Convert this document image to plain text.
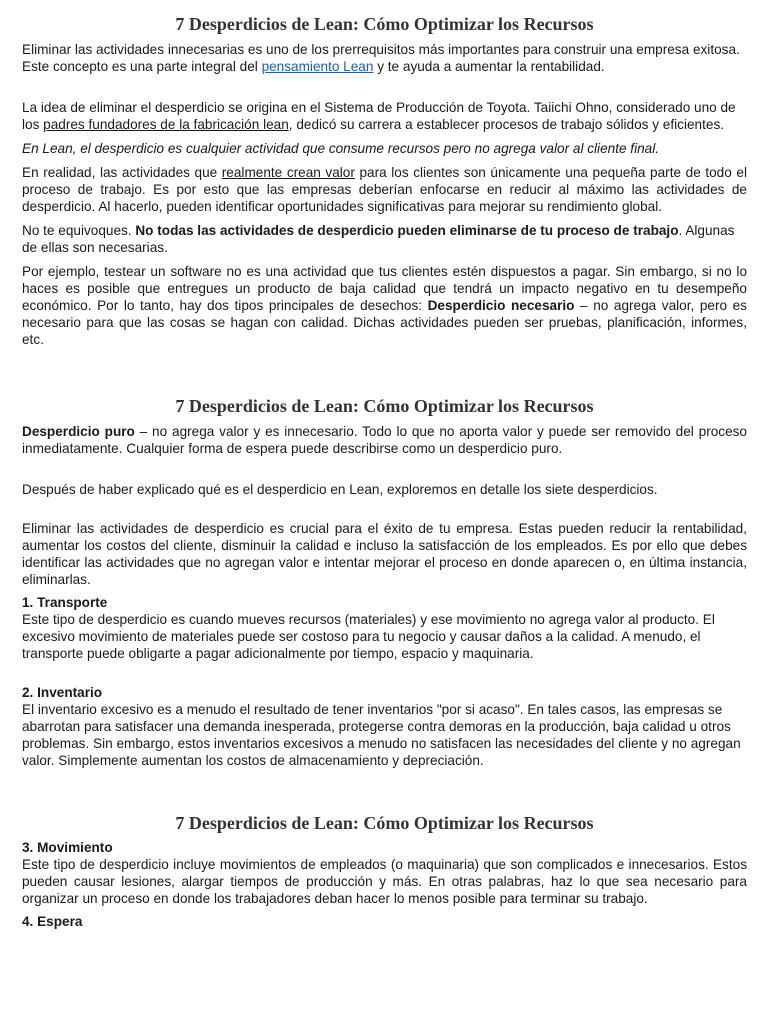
7 Desperdicios de Lean: Cómo Optimizar los Recursos

Eliminar las actividades innecesarias es uno de los prerrequisitos más importantes para construir una empresa exitosa. Este concepto es una parte integral del pensamiento Lean y te ayuda a aumentar la rentabilidad.

La idea de eliminar el desperdicio se origina en el Sistema de Producción de Toyota. Taiichi Ohno, considerado uno de los padres fundadores de la fabricación lean, dedicó su carrera a establecer procesos de trabajo sólidos y eficientes.

En Lean, el desperdicio es cualquier actividad que consume recursos pero no agrega valor al cliente final.

En realidad, las actividades que realmente crean valor para los clientes son únicamente una pequeña parte de todo el proceso de trabajo. Es por esto que las empresas deberían enfocarse en reducir al máximo las actividades de desperdicio. Al hacerlo, pueden identificar oportunidades significativas para mejorar su rendimiento global.

No te equivoques. No todas las actividades de desperdicio pueden eliminarse de tu proceso de trabajo. Algunas de ellas son necesarias.

Por ejemplo, testear un software no es una actividad que tus clientes estén dispuestos a pagar. Sin embargo, si no lo haces es posible que entregues un producto de baja calidad que tendrá un impacto negativo en tu desempeño económico. Por lo tanto, hay dos tipos principales de desechos: Desperdicio necesario – no agrega valor, pero es necesario para que las cosas se hagan con calidad. Dichas actividades pueden ser pruebas, planificación, informes, etc.

7 Desperdicios de Lean: Cómo Optimizar los Recursos

Desperdicio puro – no agrega valor y es innecesario. Todo lo que no aporta valor y puede ser removido del proceso inmediatamente. Cualquier forma de espera puede describirse como un desperdicio puro.

Después de haber explicado qué es el desperdicio en Lean, exploremos en detalle los siete desperdicios.

Eliminar las actividades de desperdicio es crucial para el éxito de tu empresa. Estas pueden reducir la rentabilidad, aumentar los costos del cliente, disminuir la calidad e incluso la satisfacción de los empleados. Es por ello que debes identificar las actividades que no agregan valor e intentar mejorar el proceso en donde aparecen o, en última instancia, eliminarlas.

1. Transporte

Este tipo de desperdicio es cuando mueves recursos (materiales) y ese movimiento no agrega valor al producto. El excesivo movimiento de materiales puede ser costoso para tu negocio y causar daños a la calidad. A menudo, el transporte puede obligarte a pagar adicionalmente por tiempo, espacio y maquinaria.

2. Inventario

El inventario excesivo es a menudo el resultado de tener inventarios "por si acaso". En tales casos, las empresas se abarrotan para satisfacer una demanda inesperada, protegerse contra demoras en la producción, baja calidad u otros problemas. Sin embargo, estos inventarios excesivos a menudo no satisfacen las necesidades del cliente y no agregan valor. Simplemente aumentan los costos de almacenamiento y depreciación.

7 Desperdicios de Lean: Cómo Optimizar los Recursos

3. Movimiento

Este tipo de desperdicio incluye movimientos de empleados (o maquinaria) que son complicados e innecesarios. Estos pueden causar lesiones, alargar tiempos de producción y más. En otras palabras, haz lo que sea necesario para organizar un proceso en donde los trabajadores deban hacer lo menos posible para terminar su trabajo.

4. Espera
